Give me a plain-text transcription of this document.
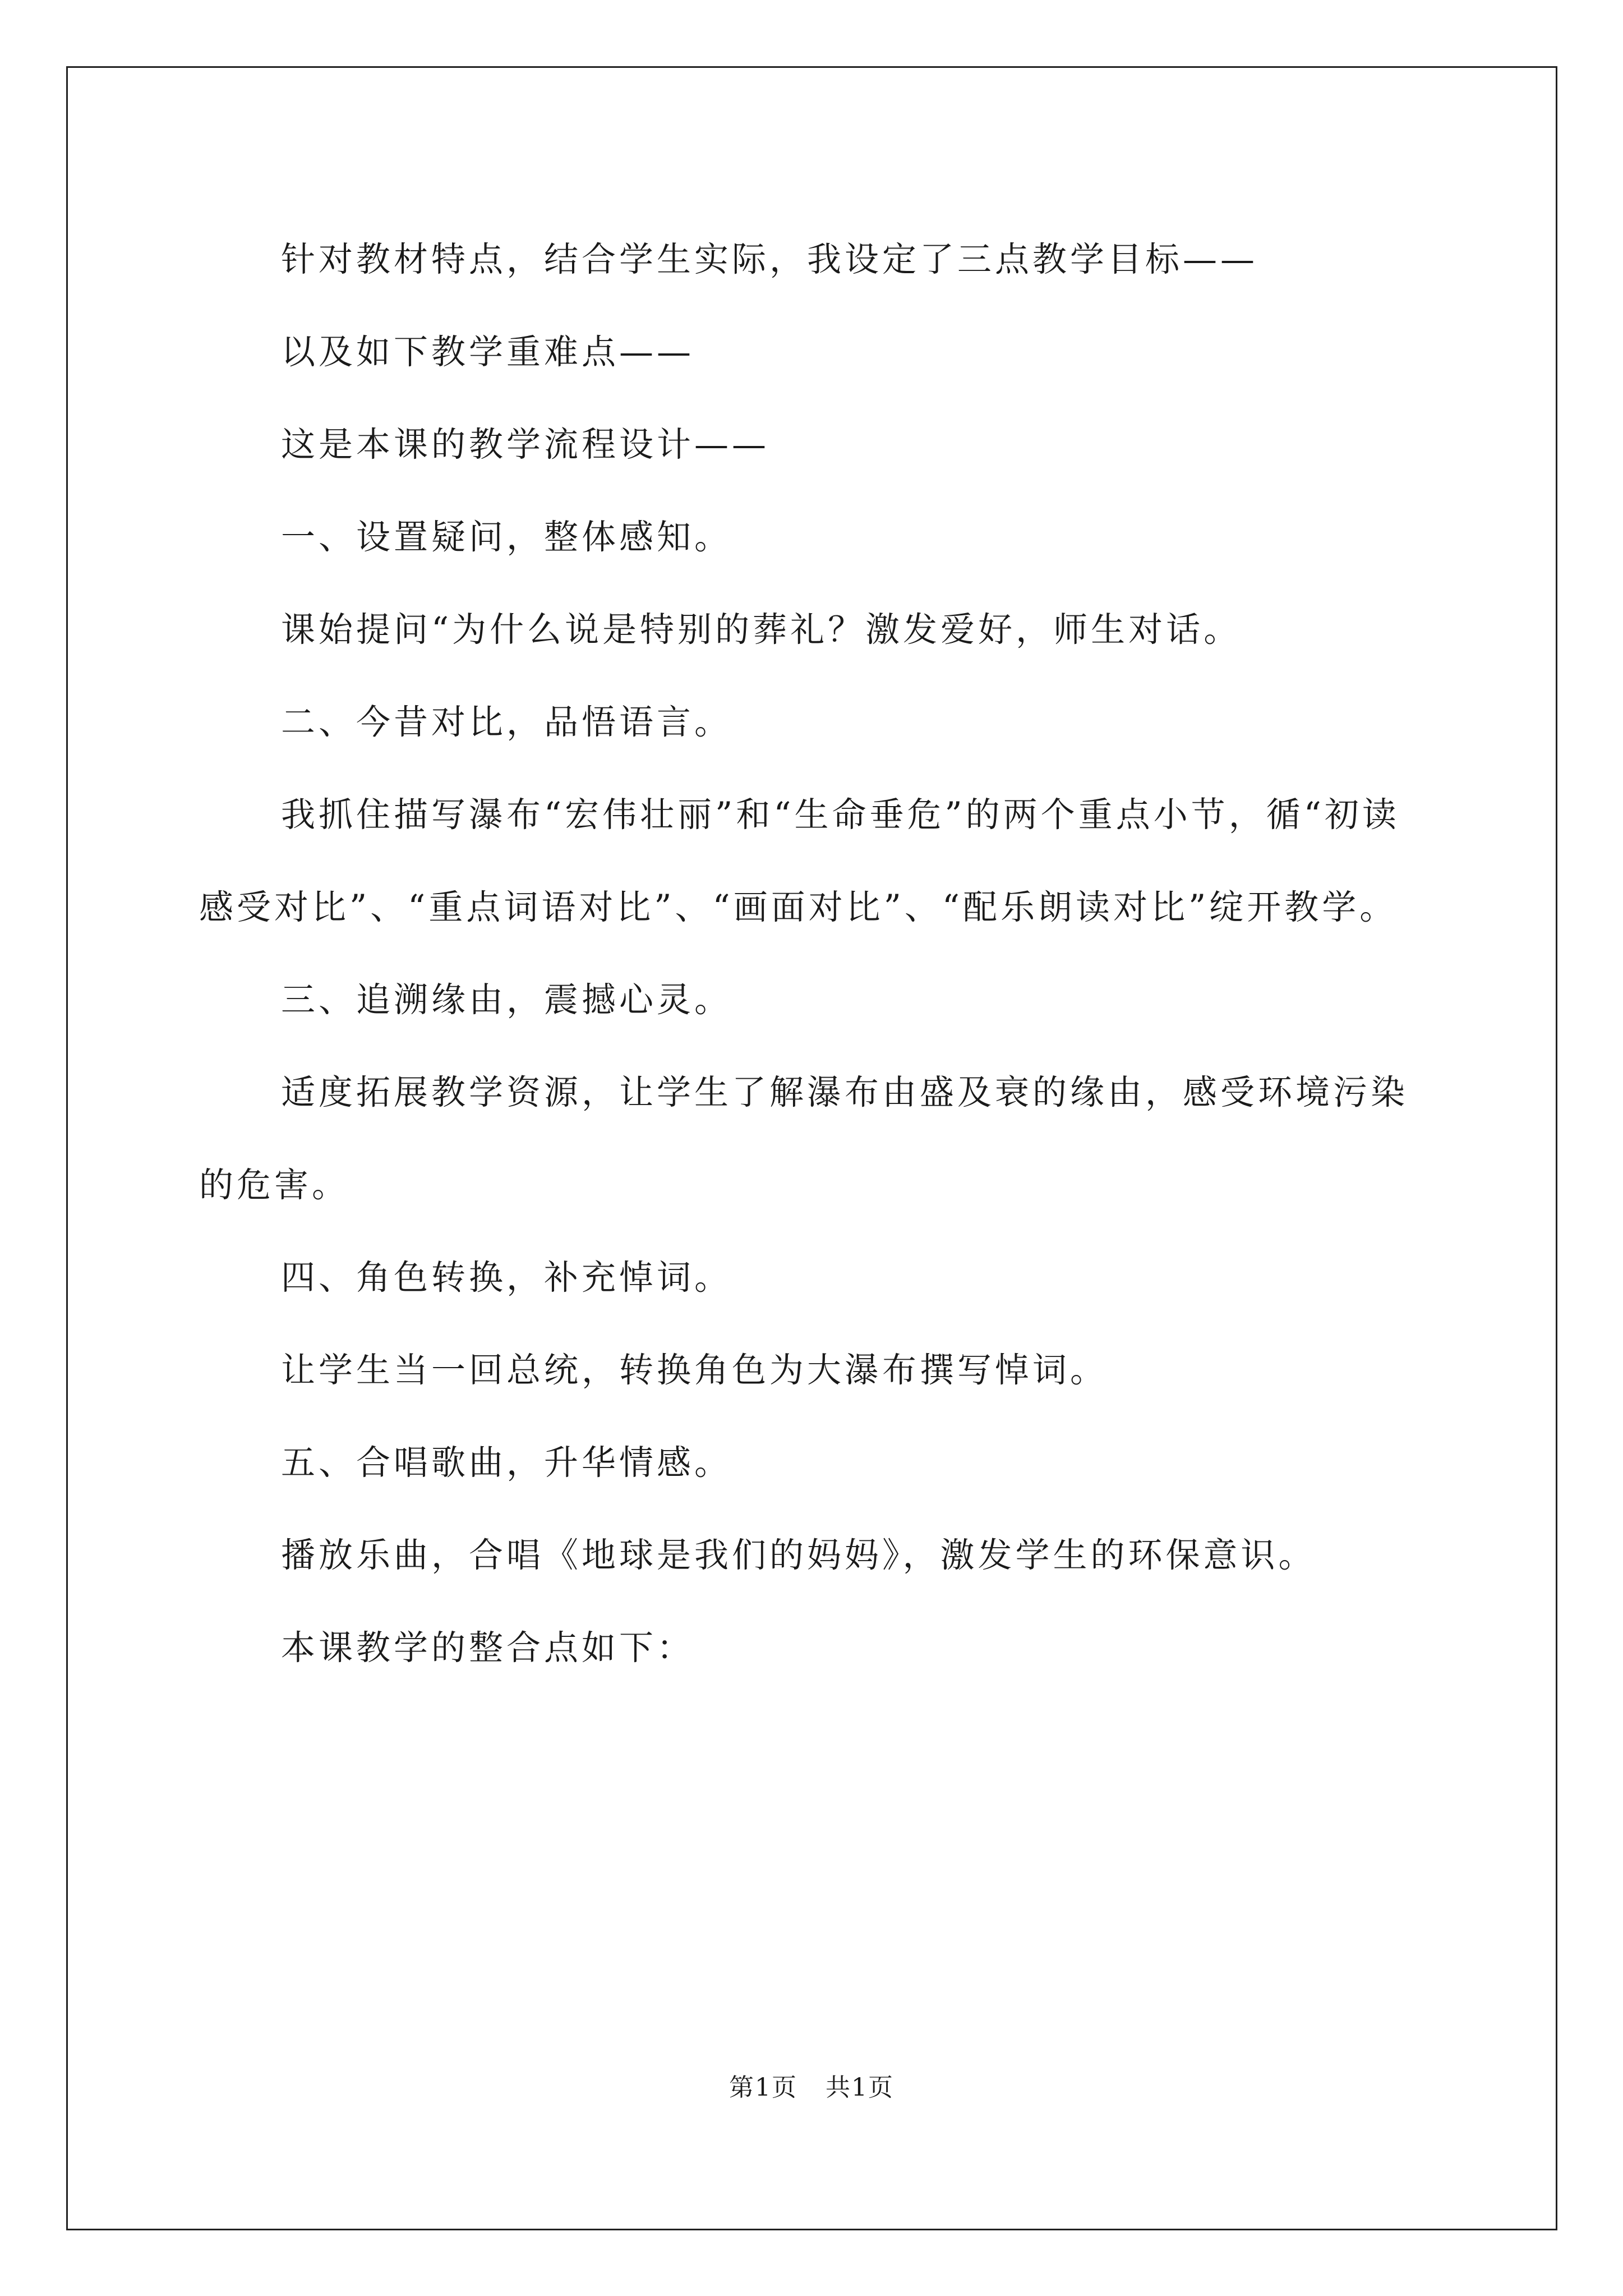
针对教材特点，结合学生实际，我设定了三点教学目标——

以及如下教学重难点——

这是本课的教学流程设计——

一、设置疑问，整体感知。

课始提问“为什么说是特别的葬礼？激发爱好，师生对话。

二、今昔对比，品悟语言。

我抓住描写瀑布“宏伟壮丽”和“生命垂危”的两个重点小节，循“初读感受对比”、“重点词语对比”、“画面对比”、“配乐朗读对比”绽开教学。

三、追溯缘由，震撼心灵。

适度拓展教学资源，让学生了解瀑布由盛及衰的缘由，感受环境污染的危害。

四、角色转换，补充悼词。

让学生当一回总统，转换角色为大瀑布撰写悼词。

五、合唱歌曲，升华情感。

播放乐曲，合唱《地球是我们的妈妈》，激发学生的环保意识。

本课教学的整合点如下：

第1页 共1页
